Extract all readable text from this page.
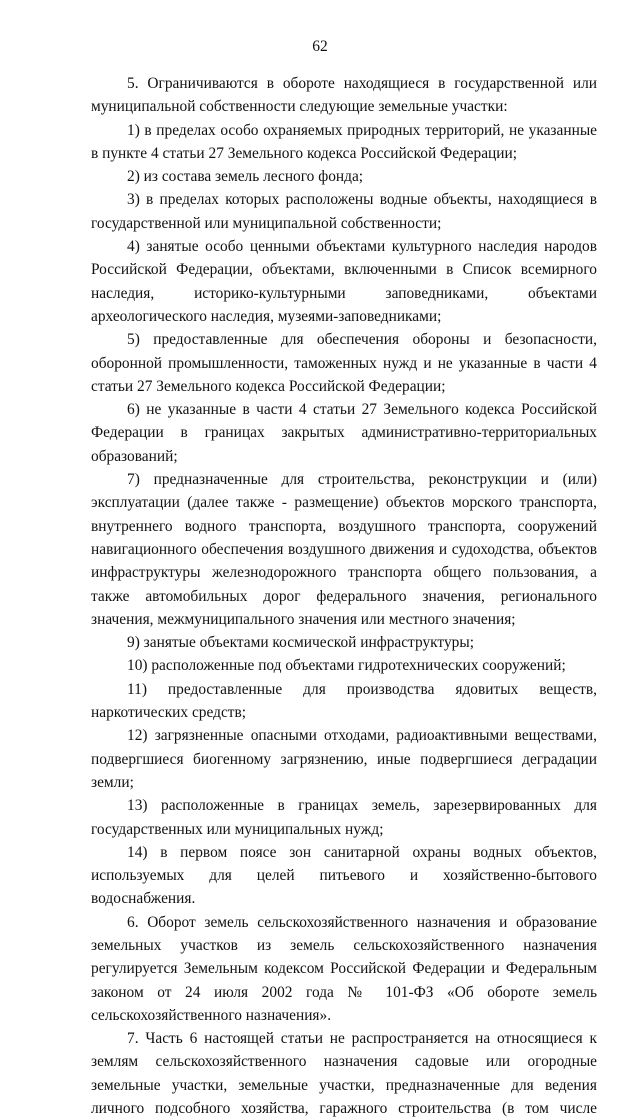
62

5. Ограничиваются в обороте находящиеся в государственной или муниципальной собственности следующие земельные участки:

1) в пределах особо охраняемых природных территорий, не указанные в пункте 4 статьи 27 Земельного кодекса Российской Федерации;

2) из состава земель лесного фонда;

3) в пределах которых расположены водные объекты, находящиеся в государственной или муниципальной собственности;

4) занятые особо ценными объектами культурного наследия народов Российской Федерации, объектами, включенными в Список всемирного наследия, историко-культурными заповедниками, объектами археологического наследия, музеями-заповедниками;

5) предоставленные для обеспечения обороны и безопасности, оборонной промышленности, таможенных нужд и не указанные в части 4 статьи 27 Земельного кодекса Российской Федерации;

6) не указанные в части 4 статьи 27 Земельного кодекса Российской Федерации в границах закрытых административно-территориальных образований;

7) предназначенные для строительства, реконструкции и (или) эксплуатации (далее также - размещение) объектов морского транспорта, внутреннего водного транспорта, воздушного транспорта, сооружений навигационного обеспечения воздушного движения и судоходства, объектов инфраструктуры железнодорожного транспорта общего пользования, а также автомобильных дорог федерального значения, регионального значения, межмуниципального значения или местного значения;

9) занятые объектами космической инфраструктуры;

10) расположенные под объектами гидротехнических сооружений;

11) предоставленные для производства ядовитых веществ, наркотических средств;

12) загрязненные опасными отходами, радиоактивными веществами, подвергшиеся биогенному загрязнению, иные подвергшиеся деградации земли;

13) расположенные в границах земель, зарезервированных для государственных или муниципальных нужд;

14) в первом поясе зон санитарной охраны водных объектов, используемых для целей питьевого и хозяйственно-бытового водоснабжения.

6. Оборот земель сельскохозяйственного назначения и образование земельных участков из земель сельскохозяйственного назначения регулируется Земельным кодексом Российской Федерации и Федеральным законом от 24 июля 2002 года № 101-ФЗ «Об обороте земель сельскохозяйственного назначения».

7. Часть 6 настоящей статьи не распространяется на относящиеся к землям сельскохозяйственного назначения садовые или огородные земельные участки, земельные участки, предназначенные для ведения личного подсобного хозяйства, гаражного строительства (в том числе
